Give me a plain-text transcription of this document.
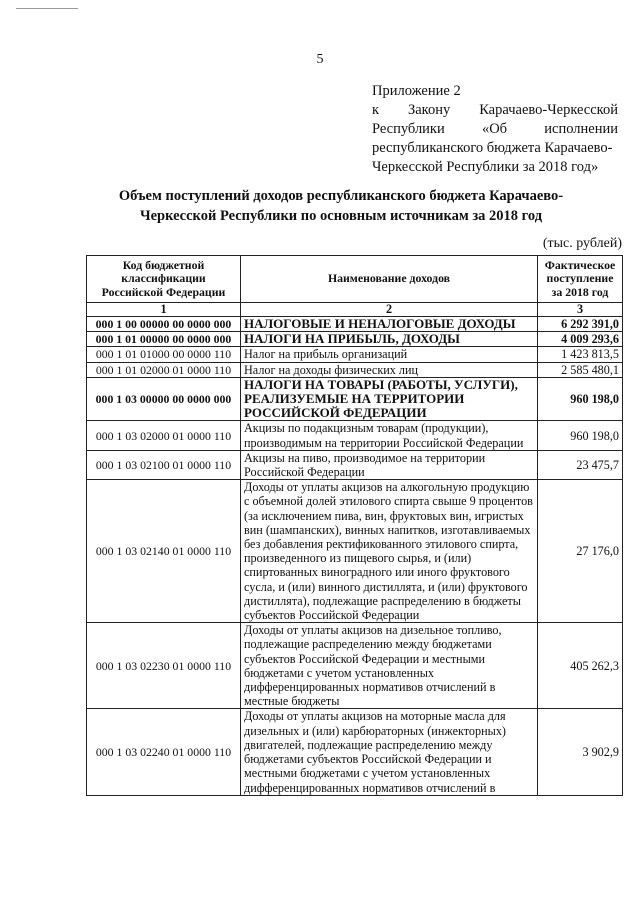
5
Приложение 2
к Закону Карачаево-Черкесской
Республики	«Об	исполнении
республиканского бюджета Карачаево-
Черкесской Республики за 2018 год»
Объем поступлений доходов республиканского бюджета Карачаево-
Черкесской Республики по основным источникам за 2018 год
(тыс. рублей)
Код бюджетной классификации Российской Федерации	Наименование доходов	Фактическое поступление за 2018 год
1	2	3
000 1 00 00000 00 0000 000	НАЛОГОВЫЕ И НЕНАЛОГОВЫЕ ДОХОДЫ	6 292 391,0
000 1 01 00000 00 0000 000	НАЛОГИ НА ПРИБЫЛЬ, ДОХОДЫ	4 009 293,6
000 1 01 01000 00 0000 110	Налог на прибыль организаций	1 423 813,5
000 1 01 02000 01 0000 110	Налог на доходы физических лиц	2 585 480,1
000 1 03 00000 00 0000 000	НАЛОГИ НА ТОВАРЫ (РАБОТЫ, УСЛУГИ), РЕАЛИЗУЕМЫЕ НА ТЕРРИТОРИИ РОССИЙСКОЙ ФЕДЕРАЦИИ	960 198,0
000 1 03 02000 01 0000 110	Акцизы по подакцизным товарам (продукции), производимым на территории Российской Федерации	960 198,0
000 1 03 02100 01 0000 110	Акцизы на пиво, производимое на территории Российской Федерации	23 475,7
000 1 03 02140 01 0000 110	Доходы от уплаты акцизов на алкогольную продукцию с объемной долей этилового спирта свыше 9 процентов (за исключением пива, вин, фруктовых вин, игристых вин (шампанских), винных напитков, изготавливаемых без добавления ректификованного этилового спирта, произведенного из пищевого сырья, и (или) спиртованных виноградного или иного фруктового сусла, и (или) винного дистиллята, и (или) фруктового дистиллята), подлежащие распределению в бюджеты субъектов Российской Федерации	27 176,0
000 1 03 02230 01 0000 110	Доходы от уплаты акцизов на дизельное топливо, подлежащие распределению между бюджетами субъектов Российской Федерации и местными бюджетами с учетом установленных дифференцированных нормативов отчислений в местные бюджеты	405 262,3
000 1 03 02240 01 0000 110	Доходы от уплаты акцизов на моторные масла для дизельных и (или) карбюраторных (инжекторных) двигателей, подлежащие распределению между бюджетами субъектов Российской Федерации и местными бюджетами с учетом установленных дифференцированных нормативов отчислений в	3 902,9
